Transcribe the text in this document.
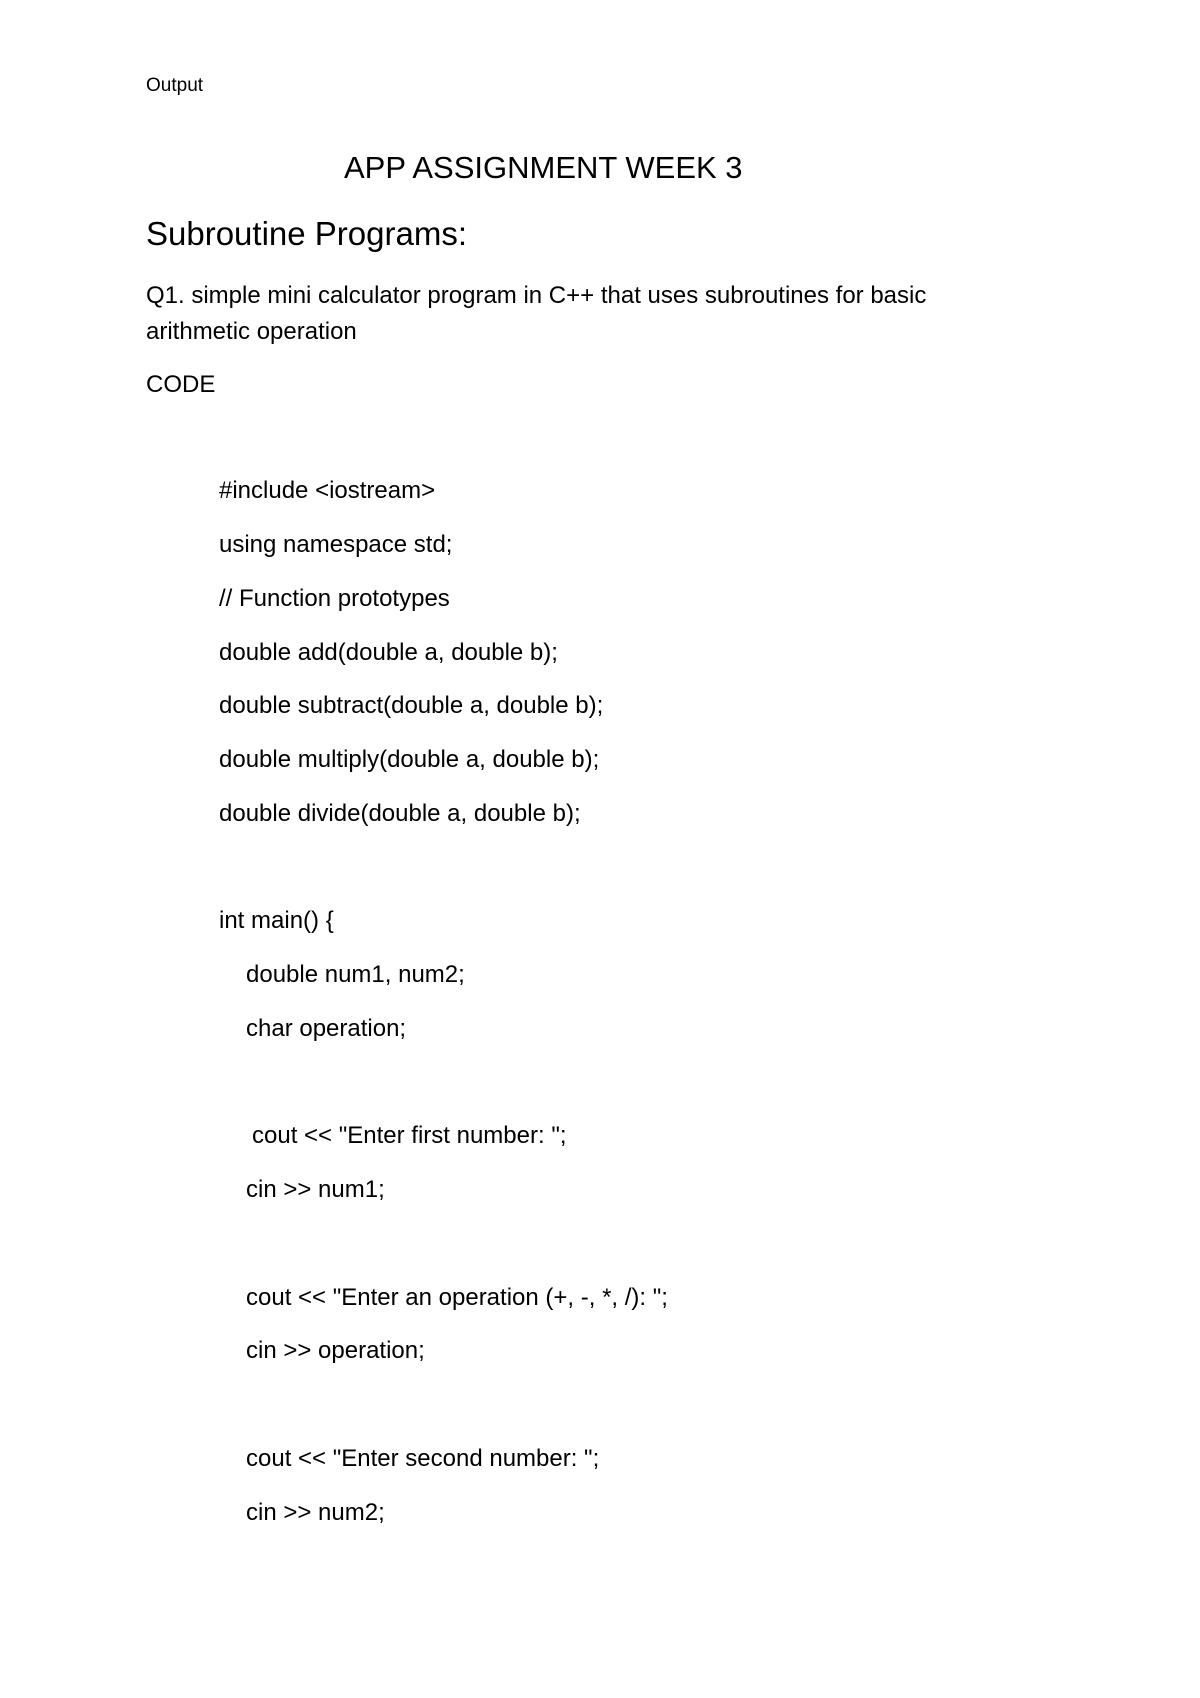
Output
APP ASSIGNMENT WEEK 3
Subroutine Programs:
Q1. simple mini calculator program in C++ that uses subroutines for basic
arithmetic operation
CODE
#include <iostream>
using namespace std;
// Function prototypes
double add(double a, double b);
double subtract(double a, double b);
double multiply(double a, double b);
double divide(double a, double b);
int main() {
double num1, num2;
char operation;
cout << "Enter first number: ";
cin >> num1;
cout << "Enter an operation (+, -, *, /): ";
cin >> operation;
cout << "Enter second number: ";
cin >> num2;
